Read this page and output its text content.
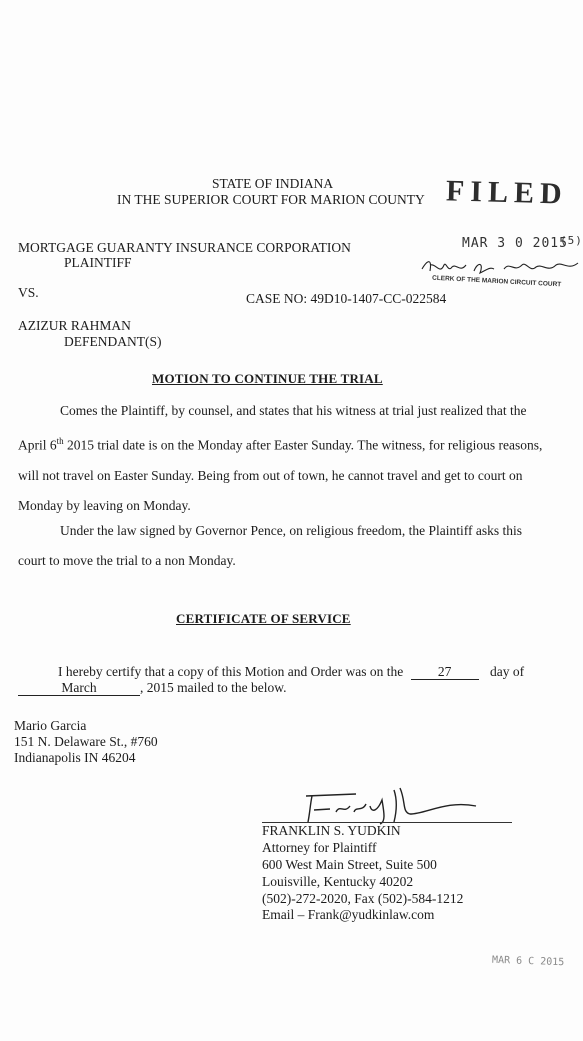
STATE OF INDIANA
IN THE SUPERIOR COURT FOR MARION COUNTY FILED
MAR 3 0 2015
(5)
CLERK OF THE MARION CIRCUIT COURT
MORTGAGE GUARANTY INSURANCE CORPORATION
PLAINTIFF
VS.	CASE NO: 49D10-1407-CC-022584
AZIZUR RAHMAN
DEFENDANT(S)
MOTION TO CONTINUE THE TRIAL
Comes the Plaintiff, by counsel, and states that his witness at trial just realized that the April 6th 2015 trial date is on the Monday after Easter Sunday. The witness, for religious reasons, will not travel on Easter Sunday. Being from out of town, he cannot travel and get to court on Monday by leaving on Monday.
Under the law signed by Governor Pence, on religious freedom, the Plaintiff asks this court to move the trial to a non Monday.
CERTIFICATE OF SERVICE
I hereby certify that a copy of this Motion and Order was on the	27	day of
March	, 2015 mailed to the below.
Mario Garcia
151 N. Delaware St., #760
Indianapolis IN 46204
FRANKLIN S. YUDKIN
Attorney for Plaintiff
600 West Main Street, Suite 500
Louisville, Kentucky 40202
(502)-272-2020, Fax (502)-584-1212
Email – Frank@yudkinlaw.com
MAR 6 C 2015
